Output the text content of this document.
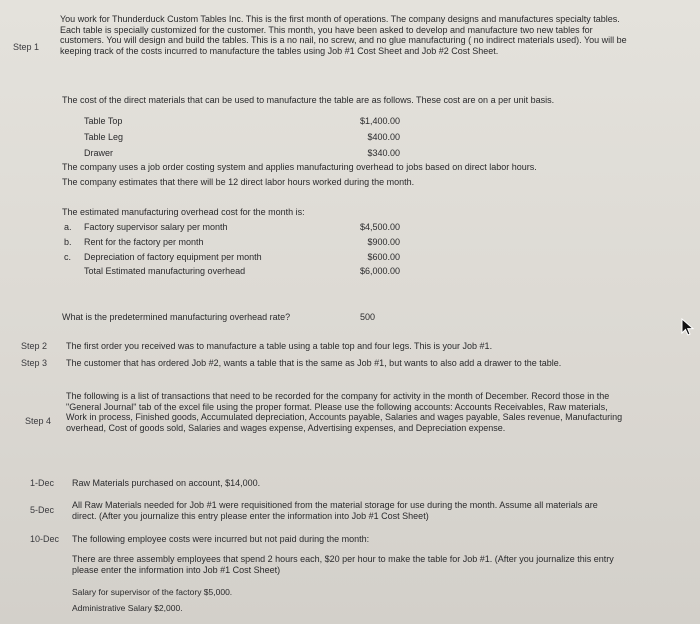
Step 1
You work for Thunderduck Custom Tables Inc. This is the first month of operations. The company designs and manufactures specialty tables. Each table is specially customized for the customer. This month, you have been asked to develop and manufacture two new tables for customers. You will design and build the tables. This is a no nail, no screw, and no glue manufacturing ( no indirect materials used). You will be keeping track of the costs incurred to manufacture the tables using Job #1 Cost Sheet and Job #2 Cost Sheet.
The cost of the direct materials that can be used to manufacture the table are as follows. These cost are on a per unit basis.
Table Top
Table Leg
Drawer
$1,400.00
$400.00
$340.00
The company uses a job order costing system and applies manufacturing overhead to jobs based on direct labor hours.
The company estimates that there will be 12 direct labor hours worked during the month.
The estimated manufacturing overhead cost for the month is:
a.
b.
c.
Factory supervisor salary per month
Rent for the factory per month
Depreciation of factory equipment per month
$4,500.00
$900.00
$600.00
Total Estimated manufacturing overhead	$6,000.00
What is the predetermined manufacturing overhead rate?	500
Step 2 The first order you received was to manufacture a table using a table top and four legs. This is your Job #1.
Step 3 The customer that has ordered Job #2, wants a table that is the same as Job #1, but wants to also add a drawer to the table.
Step 4
The following is a list of transactions that need to be recorded for the company for activity in the month of December. Record those in the "General Journal" tab of the excel file using the proper format. Please use the following accounts: Accounts Receivables, Raw materials, Work in process, Finished goods, Accumulated depreciation, Accounts payable, Salaries and wages payable, Sales revenue, Manufacturing overhead, Cost of goods sold, Salaries and wages expense, Advertising expenses, and Depreciation expense.
1-Dec Raw Materials purchased on account, $14,000.
5-Dec All Raw Materials needed for Job #1 were requisitioned from the material storage for use during the month. Assume all materials are direct. (After you journalize this entry please enter the information into Job #1 Cost Sheet)
10-Dec The following employee costs were incurred but not paid during the month:
There are three assembly employees that spend 2 hours each, $20 per hour to make the table for Job #1. (After you journalize this entry please enter the information into Job #1 Cost Sheet)
Salary for supervisor of the factory $5,000.
Administrative Salary $2,000.
